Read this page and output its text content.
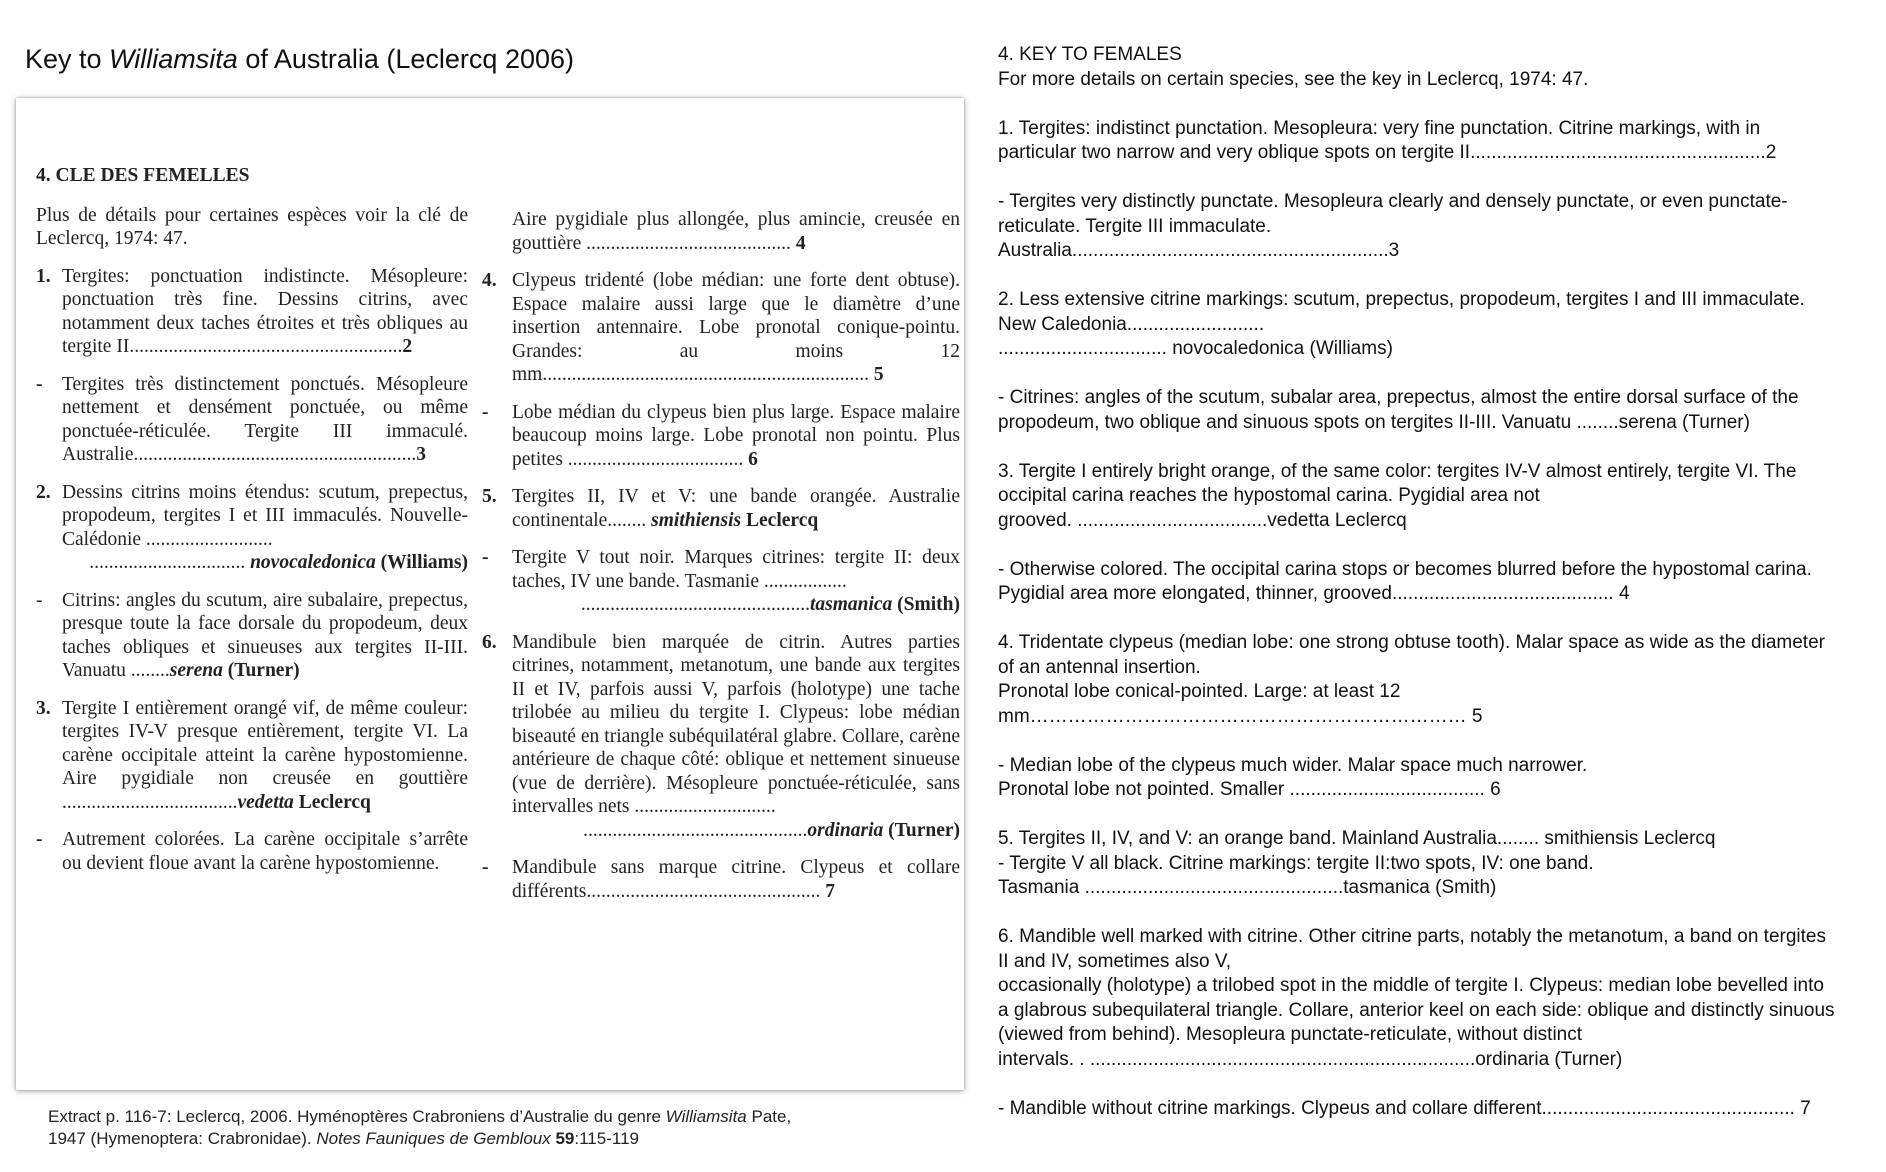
Key to Williamsita of Australia (Leclercq 2006)
4. CLE DES FEMELLES
Plus de détails pour certaines espèces voir la clé de Leclercq, 1974: 47.
1. Tergites: ponctuation indistincte. Mésopleure: ponctuation très fine. Dessins citrins, avec notamment deux taches étroites et très obliques au tergite II........................................................2
-	Tergites très distinctement ponctués. Mésopleure nettement et densément ponctuée, ou même ponctuée-réticulée. Tergite III immaculé. Australie..........................................................3
2. Dessins citrins moins étendus: scutum, prepectus, propodeum, tergites I et III immaculés. Nouvelle-Calédonie ..........................
................................ novocaledonica (Williams)
-	Citrins: angles du scutum, aire subalaire, prepectus, presque toute la face dorsale du propodeum, deux taches obliques et sinueuses aux tergites II-III. Vanuatu ........serena (Turner)
3. Tergite I entièrement orangé vif, de même couleur: tergites IV-V presque entièrement, tergite VI. La carène occipitale atteint la carène hypostomienne. Aire pygidiale non creusée en gouttière ....................................vedetta Leclercq
-	Autrement colorées. La carène occipitale s’arrête ou devient floue avant la carène hypostomienne.
Aire pygidiale plus allongée, plus amincie, creusée en gouttière .......................................... 4
4. Clypeus tridenté (lobe médian: une forte dent obtuse). Espace malaire aussi large que le diamètre d’une insertion antennaire. Lobe pronotal conique-pointu. Grandes: au moins 12 mm................................................................... 5
-	Lobe médian du clypeus bien plus large. Espace malaire beaucoup moins large. Lobe pronotal non pointu. Plus petites .................................... 6
5. Tergites II, IV et V: une bande orangée. Australie continentale........ smithiensis Leclercq
-	Tergite V tout noir. Marques citrines: tergite II: deux taches, IV une bande. Tasmanie .................
...............................................tasmanica (Smith)
6. Mandibule bien marquée de citrin. Autres parties citrines, notamment, metanotum, une bande aux tergites II et IV, parfois aussi V, parfois (holotype) une tache trilobée au milieu du tergite I. Clypeus: lobe médian biseauté en triangle subéquilatéral glabre. Collare, carène antérieure de chaque côté: oblique et nettement sinueuse (vue de derrière). Mésopleure ponctuée-réticulée, sans intervalles nets .............................
..............................................ordinaria (Turner)
-	Mandibule sans marque citrine. Clypeus et collare différents................................................ 7
Extract p. 116-7: Leclercq, 2006. Hyménoptères Crabroniens d’Australie du genre Williamsita Pate,
1947 (Hymenoptera: Crabronidae). Notes Fauniques de Gembloux 59:115-119
4. KEY TO FEMALES
For more details on certain species, see the key in Leclercq, 1974: 47.
1. Tergites: indistinct punctation. Mesopleura: very fine punctation. Citrine markings, with in
particular two narrow and very oblique spots on tergite II........................................................2
- Tergites very distinctly punctate. Mesopleura clearly and densely punctate, or even punctate-
reticulate. Tergite III immaculate.
Australia............................................................3
2. Less extensive citrine markings: scutum, prepectus, propodeum, tergites I and III immaculate.
New Caledonia..........................
................................ novocaledonica (Williams)
- Citrines: angles of the scutum, subalar area, prepectus, almost the entire dorsal surface of the
propodeum, two oblique and sinuous spots on tergites II-III. Vanuatu ........serena (Turner)
3. Tergite I entirely bright orange, of the same color: tergites IV-V almost entirely, tergite VI. The
occipital carina reaches the hypostomal carina. Pygidial area not
grooved. ....................................vedetta Leclercq
- Otherwise colored. The occipital carina stops or becomes blurred before the hypostomal carina.
Pygidial area more elongated, thinner, grooved.......................................... 4
4. Tridentate clypeus (median lobe: one strong obtuse tooth). Malar space as wide as the diameter
of an antennal insertion.
Pronotal lobe conical-pointed. Large: at least 12
mm…………………………………………………………… 5
- Median lobe of the clypeus much wider. Malar space much narrower.
Pronotal lobe not pointed. Smaller ..................................... 6
5. Tergites II, IV, and V: an orange band. Mainland Australia........ smithiensis Leclercq
- Tergite V all black. Citrine markings: tergite II:two spots, IV: one band.
Tasmania .................................................tasmanica (Smith)
6. Mandible well marked with citrine. Other citrine parts, notably the metanotum, a band on tergites
II and IV, sometimes also V,
occasionally (holotype) a trilobed spot in the middle of tergite I. Clypeus: median lobe bevelled into
a glabrous subequilateral triangle. Collare, anterior keel on each side: oblique and distinctly sinuous
(viewed from behind). Mesopleura punctate-reticulate, without distinct
intervals. . .........................................................................ordinaria (Turner)
- Mandible without citrine markings. Clypeus and collare different................................................ 7
